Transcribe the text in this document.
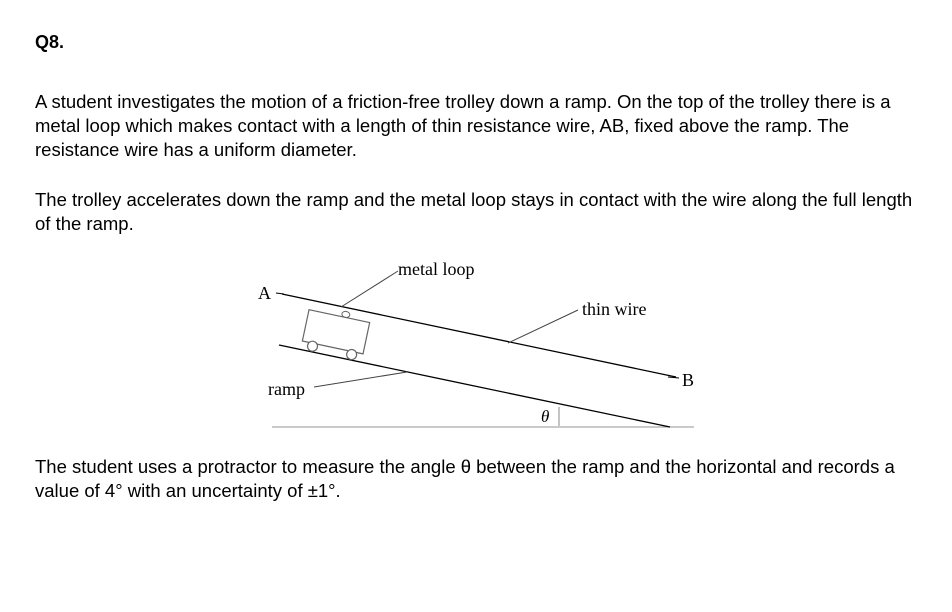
Q8.

A student investigates the motion of a friction-free trolley down a ramp. On the top of the trolley there is a metal loop which makes contact with a length of thin resistance wire, AB, fixed above the ramp. The resistance wire has a uniform diameter.

The trolley accelerates down the ramp and the metal loop stays in contact with the wire along the full length of the ramp.

metal loop
thin wire
A
B
ramp
θ

The student uses a protractor to measure the angle θ between the ramp and the horizontal and records a value of 4° with an uncertainty of ±1°.
